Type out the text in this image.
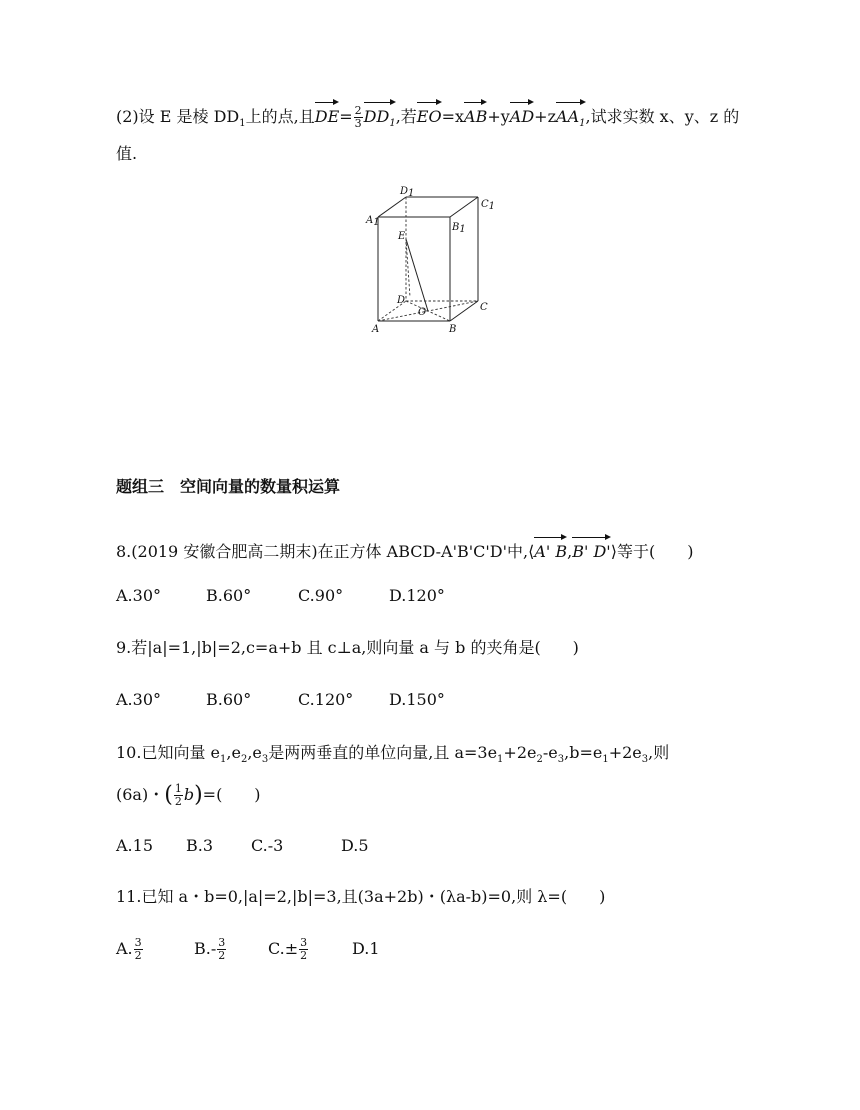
(2)设 E 是棱 $DD_1$上的点,且$DE= \frac{2}{3} DD_1$,若EO=xAB+yAD+zAA$_1$,试求实数 x、y、z 的
值.
A1
D1
C1
B1
E
D
O	C
A	B
题组三　空间向量的数量积运算
8.(2019 安徽合肥高二期末)在正方体 ABCD-A'B'C'D'中,⟨A' B,B' D'⟩等于(　　)
A.30°	B.60°	C.90°	D.120°
9.若|a|=1,|b|=2,c=a+b 且 c⊥a,则向量 a 与 b 的夹角是(　　)
A.30°	B.60°	C.120° D.150°
10.已知向量 $e_1,e_2,e_3$是两两垂直的单位向量,且 $a=3e_1+2e_2-e_3,b=e_1+2e_3$,则
(6a)・( $\frac{1}{2} b)=$(　　)
A.15 B.3 C.-3	D.5
11.已知 a・b=0,|a|=2,|b|=3,且(3a+2b)・(λa-b)=0,则 λ=(　　)
A. $\frac{3}{2}$	$B.- \frac{3}{2}$	$C.\pm \frac{3}{2}$	D.1
